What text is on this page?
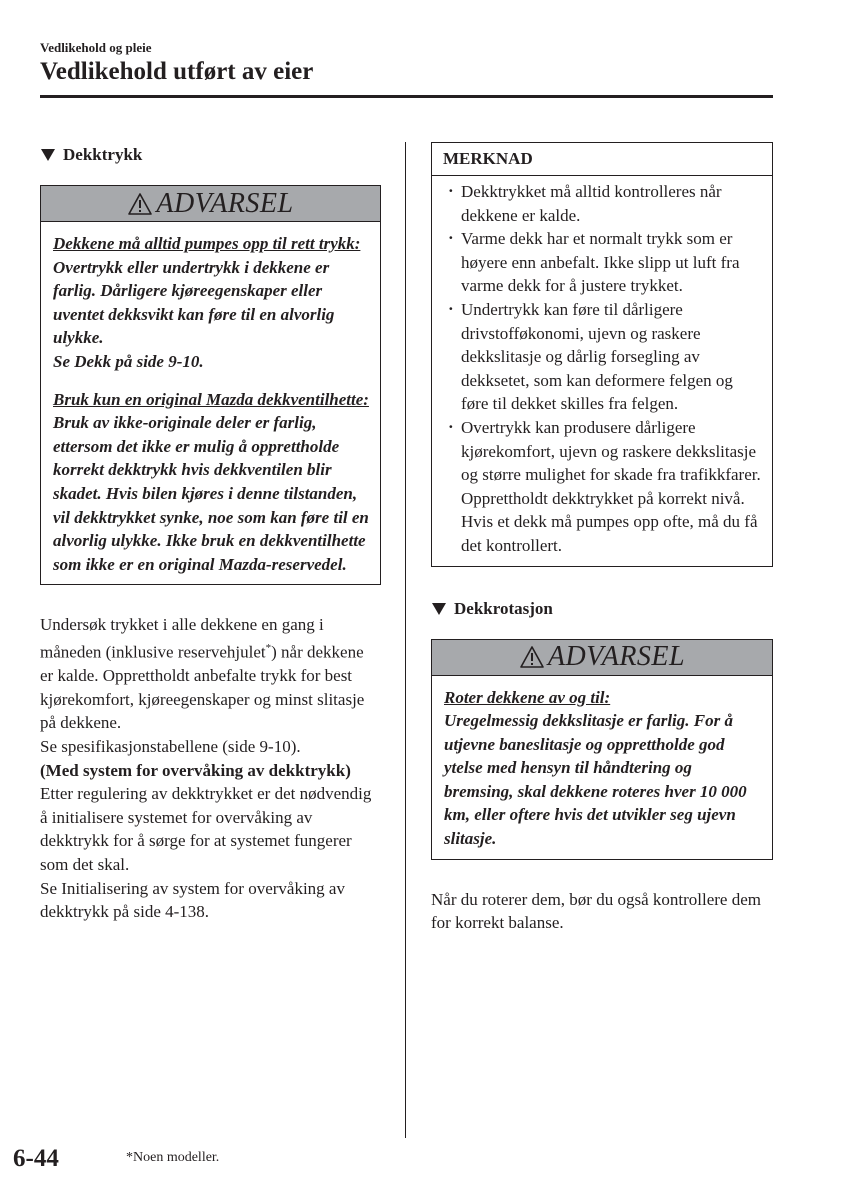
Vedlikehold og pleie
Vedlikehold utført av eier
Dekktrykk
ADVARSEL

Dekkene må alltid pumpes opp til rett trykk:

Overtrykk eller undertrykk i dekkene er farlig. Dårligere kjøreegenskaper eller uventet dekksvikt kan føre til en alvorlig ulykke.

Se Dekk på side 9-10.

Bruk kun en original Mazda dekkventilhette:

Bruk av ikke-originale deler er farlig, ettersom det ikke er mulig å opprettholde korrekt dekktrykk hvis dekkventilen blir skadet. Hvis bilen kjøres i denne tilstanden, vil dekktrykket synke, noe som kan føre til en alvorlig ulykke. Ikke bruk en dekkventilhette som ikke er en original Mazda-reservedel.

Undersøk trykket i alle dekkene en gang i måneden (inklusive reservehjulet*) når dekkene er kalde. Opprettholdt anbefalte trykk for best kjørekomfort, kjøreegenskaper og minst slitasje på dekkene.

Se spesifikasjonstabellene (side 9-10).

(Med system for overvåking av dekktrykk)

Etter regulering av dekktrykket er det nødvendig å initialisere systemet for overvåking av dekktrykk for å sørge for at systemet fungerer som det skal.

Se Initialisering av system for overvåking av dekktrykk på side 4-138.

MERKNAD
· Dekktrykket må alltid kontrolleres når dekkene er kalde.
· Varme dekk har et normalt trykk som er høyere enn anbefalt. Ikke slipp ut luft fra varme dekk for å justere trykket.
· Undertrykk kan føre til dårligere drivstofføkonomi, ujevn og raskere dekkslitasje og dårlig forsegling av dekksetet, som kan deformere felgen og føre til dekket skilles fra felgen.
· Overtrykk kan produsere dårligere kjørekomfort, ujevn og raskere dekkslitasje og større mulighet for skade fra trafikkfarer.
Opprettholdt dekktrykket på korrekt nivå. Hvis et dekk må pumpes opp ofte, må du få det kontrollert.
Dekkrotasjon
ADVARSEL

Roter dekkene av og til:

Uregelmessig dekkslitasje er farlig. For å utjevne baneslitasje og opprettholde god ytelse med hensyn til håndtering og bremsing, skal dekkene roteres hver 10 000 km, eller oftere hvis det utvikler seg ujevn slitasje.

Når du roterer dem, bør du også kontrollere dem for korrekt balanse.

6-44	*Noen modeller.
